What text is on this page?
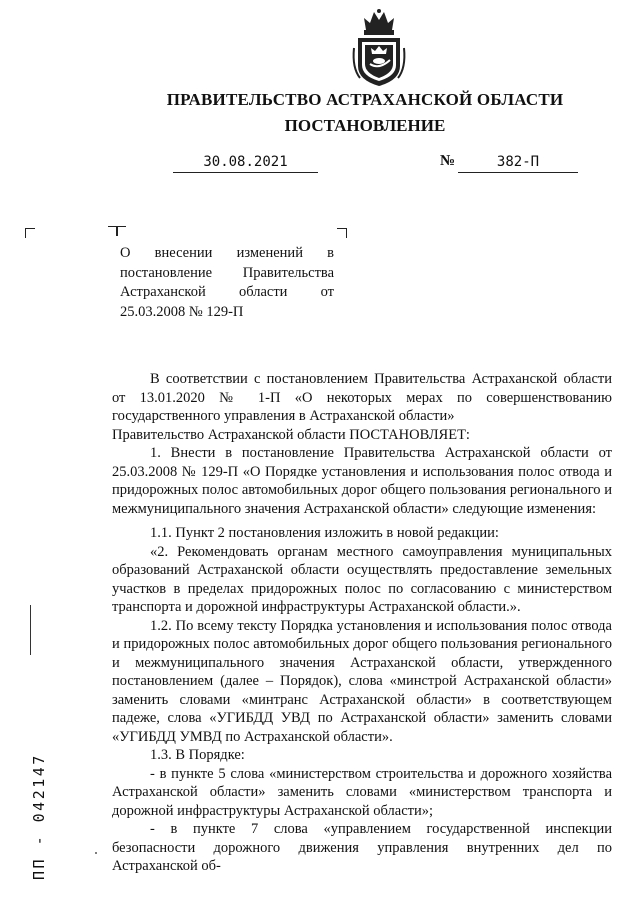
ПРАВИТЕЛЬСТВО АСТРАХАНСКОЙ ОБЛАСТИ
ПОСТАНОВЛЕНИЕ
30.08.2021	№	382-П
О внесении изменений в постановление Правительства Астраханской области от 25.03.2008 № 129-П

В соответствии с постановлением Правительства Астраханской области от 13.01.2020 № 1-П «О некоторых мерах по совершенствованию государственного управления в Астраханской области»

Правительство Астраханской области ПОСТАНОВЛЯЕТ:

1. Внести в постановление Правительства Астраханской области от 25.03.2008 № 129-П «О Порядке установления и использования полос отвода и придорожных полос автомобильных дорог общего пользования регионального и межмуниципального значения Астраханской области» следующие изменения:

1.1. Пункт 2 постановления изложить в новой редакции:

«2. Рекомендовать органам местного самоуправления муниципальных образований Астраханской области осуществлять предоставление земельных участков в пределах придорожных полос по согласованию с министерством транспорта и дорожной инфраструктуры Астраханской области.».

1.2. По всему тексту Порядка установления и использования полос отвода и придорожных полос автомобильных дорог общего пользования регионального и межмуниципального значения Астраханской области, утвержденного постановлением (далее – Порядок), слова «минстрой Астраханской области» заменить словами «минтранс Астраханской области» в соответствующем падеже, слова «УГИБДД УВД по Астраханской области» заменить словами «УГИБДД УМВД по Астраханской области».

1.3. В Порядке:

- в пункте 5 слова «министерством строительства и дорожного хозяйства Астраханской области» заменить словами «министерством транспорта и дорожной инфраструктуры Астраханской области»;

- в пункте 7 слова «управлением государственной инспекции безопасности дорожного движения управления внутренних дел по Астраханской об-

ПП - 042147
